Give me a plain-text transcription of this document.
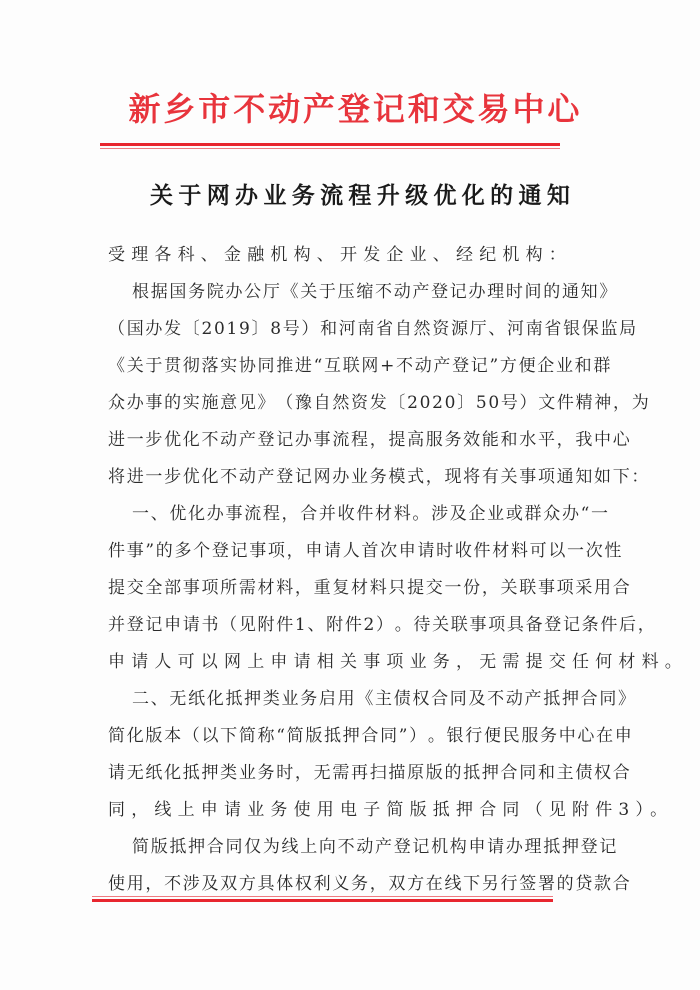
新 乡 市 不 动 产 登 记 和 交 易 中 心
关 于 网 办 业 务 流 程 升 级 优 化 的 通 知
受理各科、金融机构、开发企业、经纪机构：
根 据 国 务 院 办 公 厅 《 关 于 压 缩 不 动 产 登 记 办 理 时 间 的 通 知 》
（ 国 办 发 〔 2 0 1 9 〕 8 号 ） 和 河 南 省 自 然 资 源 厅 、 河 南 省 银 保 监 局
《 关 于 贯 彻 落 实 协 同 推 进 “ 互 联 网 + 不 动 产 登 记 ” 方 便 企 业 和 群
众 办 事 的 实 施 意 见 》 （ 豫 自 然 资 发 〔 2 0 2 0 〕 5 0 号 ） 文 件 精 神 ， 为
进 一 步 优 化 不 动 产 登 记 办 事 流 程 ， 提 高 服 务 效 能 和 水 平 ， 我 中 心
将 进 一 步 优 化 不 动 产 登 记 网 办 业 务 模 式 ， 现 将 有 关 事 项 通 知 如 下 ：
一 、 优 化 办 事 流 程 ， 合 并 收 件 材 料 。 涉 及 企 业 或 群 众 办 “ 一
件 事 ” 的 多 个 登 记 事 项 ， 申 请 人 首 次 申 请 时 收 件 材 料 可 以 一 次 性
提 交 全 部 事 项 所 需 材 料 ， 重 复 材 料 只 提 交 一 份 ， 关 联 事 项 采 用 合
并 登 记 申 请 书 （ 见 附 件 1 、 附 件 2 ） 。 待 关 联 事 项 具 备 登 记 条 件 后 ，
申请人可以网上申请相关事项业务，无需提交任何材料。
二 、 无 纸 化 抵 押 类 业 务 启 用 《 主 债 权 合 同 及 不 动 产 抵 押 合 同 》
简 化 版 本 （ 以 下 简 称 “ 简 版 抵 押 合 同 ” ） 。 银 行 便 民 服 务 中 心 在 申
请 无 纸 化 抵 押 类 业 务 时 ， 无 需 再 扫 描 原 版 的 抵 押 合 同 和 主 债 权 合
同，线上申请业务使用电子简版抵押合同（见附件3）。
简 版 抵 押 合 同 仅 为 线 上 向 不 动 产 登 记 机 构 申 请 办 理 抵 押 登 记
使 用 ， 不 涉 及 双 方 具 体 权 利 义 务 ， 双 方 在 线 下 另 行 签 署 的 贷 款 合
